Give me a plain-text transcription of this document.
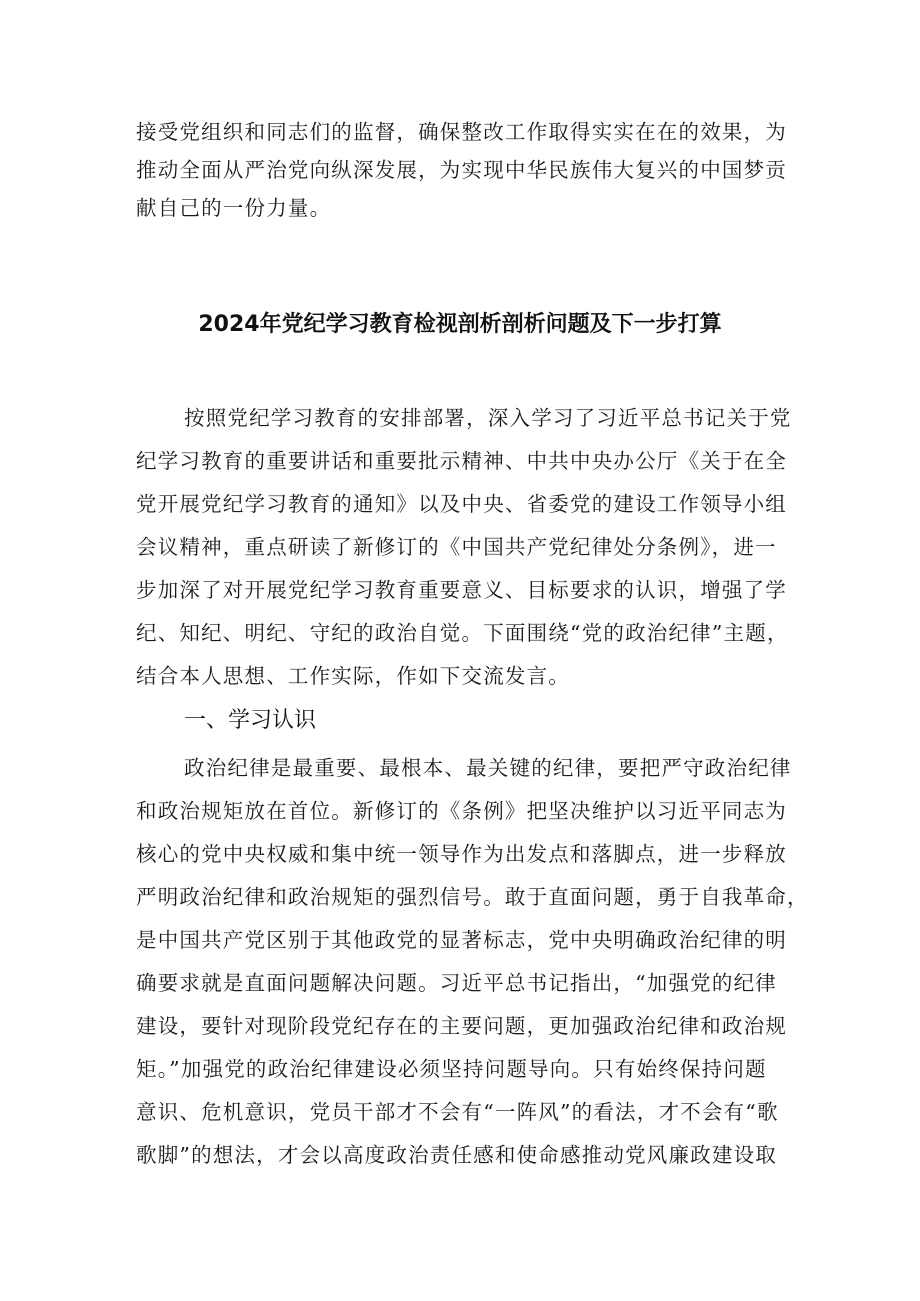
接受党组织和同志们的监督，确保整改工作取得实实在在的效果，为
推动全面从严治党向纵深发展，为实现中华民族伟大复兴的中国梦贡
献自己的一份力量。
2024年党纪学习教育检视剖析剖析问题及下一步打算
按照党纪学习教育的安排部署，深入学习了习近平总书记关于党
纪学习教育的重要讲话和重要批示精神、中共中央办公厅《关于在全
党开展党纪学习教育的通知》以及中央、省委党的建设工作领导小组
会议精神，重点研读了新修订的《中国共产党纪律处分条例》，进一
步加深了对开展党纪学习教育重要意义、目标要求的认识，增强了学
纪、知纪、明纪、守纪的政治自觉。下面围绕“党的政治纪律”主题，
结合本人思想、工作实际，作如下交流发言。
一、学习认识
政治纪律是最重要、最根本、最关键的纪律，要把严守政治纪律
和政治规矩放在首位。新修订的《条例》把坚决维护以习近平同志为
核心的党中央权威和集中统一领导作为出发点和落脚点，进一步释放
严明政治纪律和政治规矩的强烈信号。敢于直面问题，勇于自我革命，
是中国共产党区别于其他政党的显著标志，党中央明确政治纪律的明
确要求就是直面问题解决问题。习近平总书记指出，“加强党的纪律
建设，要针对现阶段党纪存在的主要问题，更加强政治纪律和政治规
矩。”加强党的政治纪律建设必须坚持问题导向。只有始终保持问题
意识、危机意识，党员干部才不会有“一阵风”的看法，才不会有“歌
歌脚”的想法，才会以高度政治责任感和使命感推动党风廉政建设取
